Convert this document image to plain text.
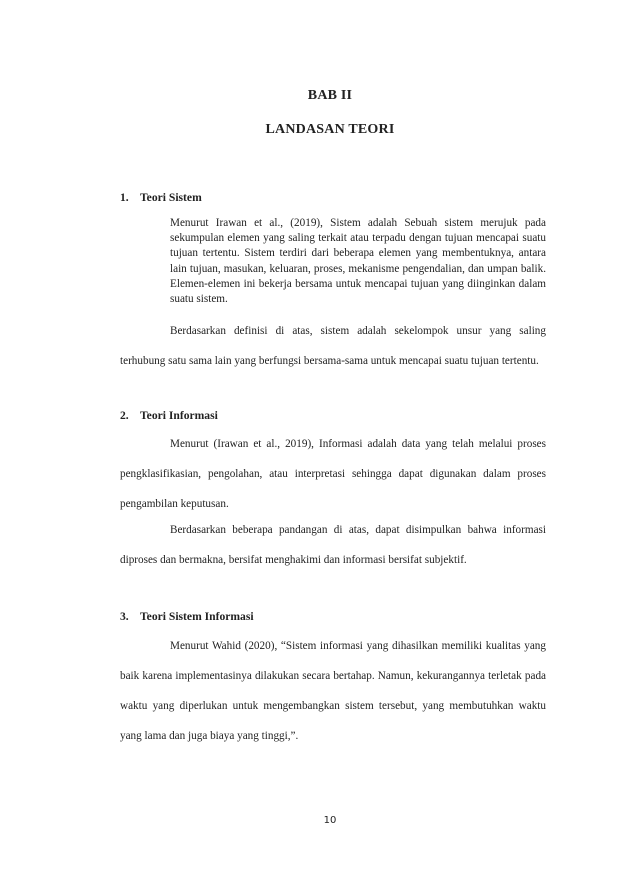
BAB II
LANDASAN TEORI
1. Teori Sistem
Menurut Irawan et al., (2019), Sistem adalah Sebuah sistem merujuk pada sekumpulan elemen yang saling terkait atau terpadu dengan tujuan mencapai suatu tujuan tertentu. Sistem terdiri dari beberapa elemen yang membentuknya, antara lain tujuan, masukan, keluaran, proses, mekanisme pengendalian, dan umpan balik. Elemen-elemen ini bekerja bersama untuk mencapai tujuan yang diinginkan dalam suatu sistem.
Berdasarkan definisi di atas, sistem adalah sekelompok unsur yang saling terhubung satu sama lain yang berfungsi bersama-sama untuk mencapai suatu tujuan tertentu.
2. Teori Informasi
Menurut (Irawan et al., 2019), Informasi adalah data yang telah melalui proses pengklasifikasian, pengolahan, atau interpretasi sehingga dapat digunakan dalam proses pengambilan keputusan.
Berdasarkan beberapa pandangan di atas, dapat disimpulkan bahwa informasi diproses dan bermakna, bersifat menghakimi dan informasi bersifat subjektif.
3. Teori Sistem Informasi
Menurut Wahid (2020), “Sistem informasi yang dihasilkan memiliki kualitas yang baik karena implementasinya dilakukan secara bertahap. Namun, kekurangannya terletak pada waktu yang diperlukan untuk mengembangkan sistem tersebut, yang membutuhkan waktu yang lama dan juga biaya yang tinggi,”.
10
